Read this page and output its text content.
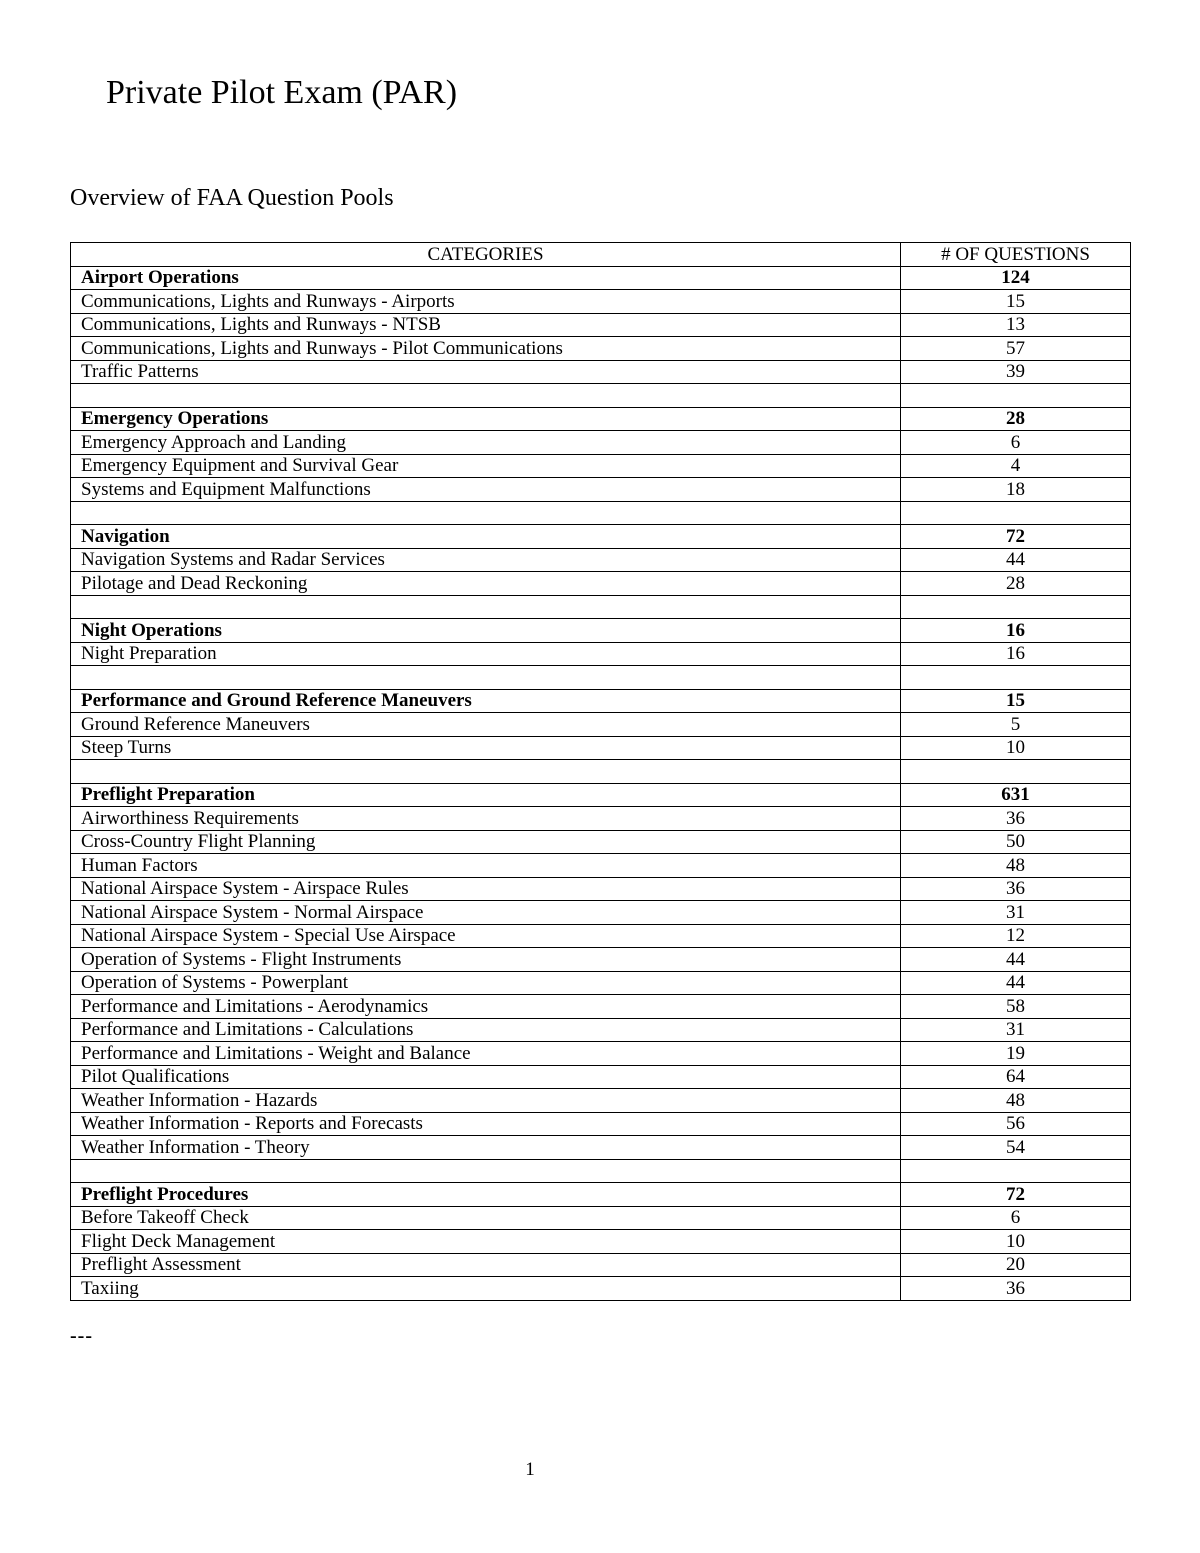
Private Pilot Exam (PAR)
Overview of FAA Question Pools
CATEGORIES	# OF QUESTIONS
Airport Operations	124
Communications, Lights and Runways - Airports	15
Communications, Lights and Runways - NTSB	13
Communications, Lights and Runways - Pilot Communications	57
Traffic Patterns	39

Emergency Operations	28
Emergency Approach and Landing	6
Emergency Equipment and Survival Gear	4
Systems and Equipment Malfunctions	18

Navigation	72
Navigation Systems and Radar Services	44
Pilotage and Dead Reckoning	28

Night Operations	16
Night Preparation	16

Performance and Ground Reference Maneuvers	15
Ground Reference Maneuvers	5
Steep Turns	10

Preflight Preparation	631
Airworthiness Requirements	36
Cross-Country Flight Planning	50
Human Factors	48
National Airspace System - Airspace Rules	36
National Airspace System - Normal Airspace	31
National Airspace System - Special Use Airspace	12
Operation of Systems - Flight Instruments	44
Operation of Systems - Powerplant	44
Performance and Limitations - Aerodynamics	58
Performance and Limitations - Calculations	31
Performance and Limitations - Weight and Balance	19
Pilot Qualifications	64
Weather Information - Hazards	48
Weather Information - Reports and Forecasts	56
Weather Information - Theory	54

Preflight Procedures	72
Before Takeoff Check	6
Flight Deck Management	10
Preflight Assessment	20
Taxiing	36

---

1
